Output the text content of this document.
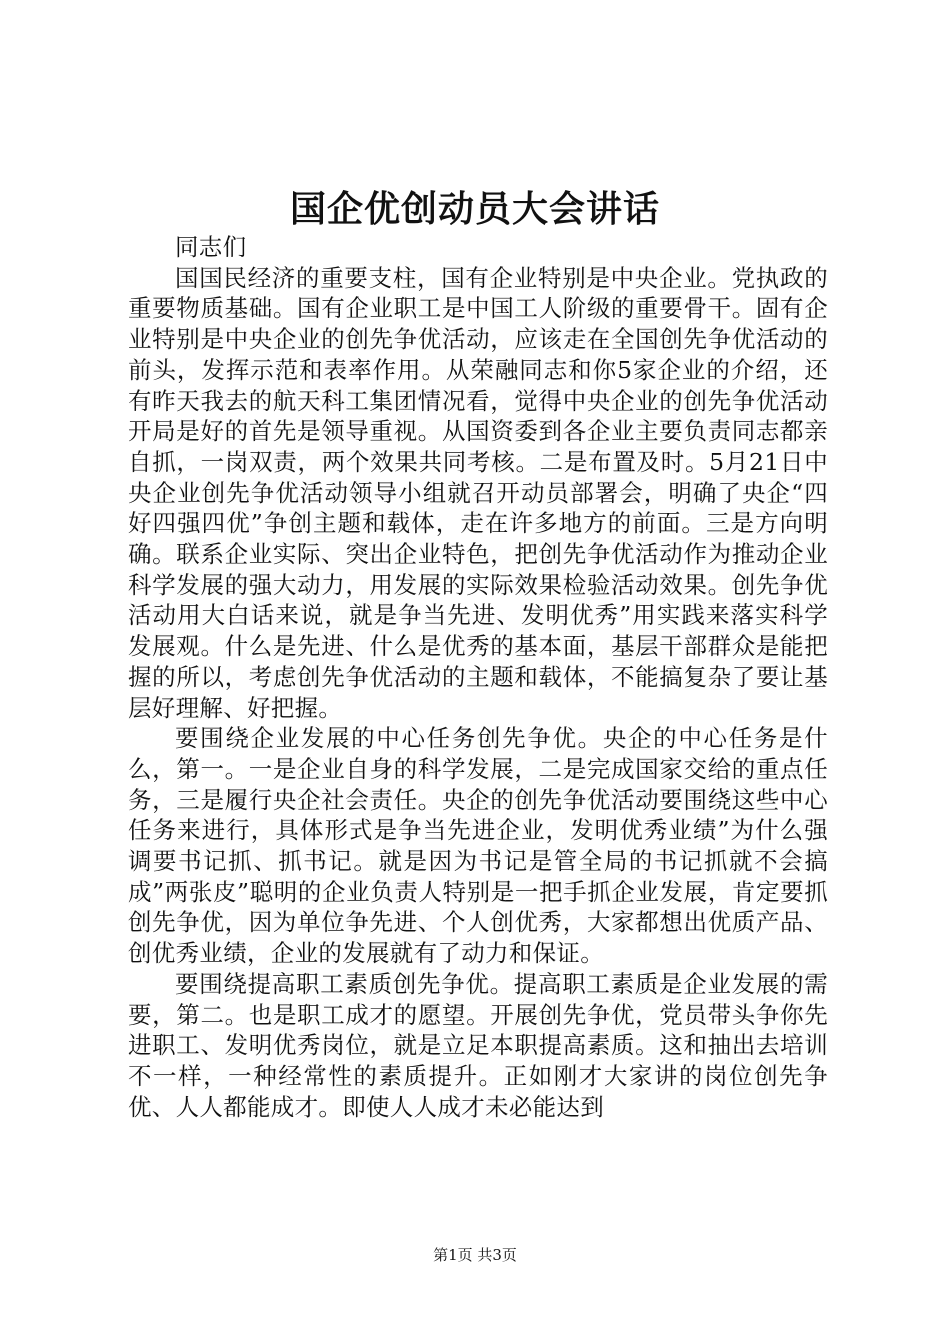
国企优创动员大会讲话

同志们

国国民经济的重要支柱，国有企业特别是中央企业。党执政的重要物质基础。国有企业职工是中国工人阶级的重要骨干。固有企业特别是中央企业的创先争优活动，应该走在全国创先争优活动的前头，发挥示范和表率作用。从荣融同志和你5家企业的介绍，还有昨天我去的航天科工集团情况看，觉得中央企业的创先争优活动开局是好的首先是领导重视。从国资委到各企业主要负责同志都亲自抓，一岗双责，两个效果共同考核。二是布置及时。5月21日中央企业创先争优活动领导小组就召开动员部署会，明确了央企“四好四强四优”争创主题和载体，走在许多地方的前面。三是方向明确。联系企业实际、突出企业特色，把创先争优活动作为推动企业科学发展的强大动力，用发展的实际效果检验活动效果。创先争优活动用大白话来说，就是争当先进、发明优秀”用实践来落实科学发展观。什么是先进、什么是优秀的基本面，基层干部群众是能把握的所以，考虑创先争优活动的主题和载体，不能搞复杂了要让基层好理解、好把握。

要围绕企业发展的中心任务创先争优。央企的中心任务是什么，第一。一是企业自身的科学发展，二是完成国家交给的重点任务，三是履行央企社会责任。央企的创先争优活动要围绕这些中心任务来进行，具体形式是争当先进企业，发明优秀业绩”为什么强调要书记抓、抓书记。就是因为书记是管全局的书记抓就不会搞成”两张皮”聪明的企业负责人特别是一把手抓企业发展，肯定要抓创先争优，因为单位争先进、个人创优秀，大家都想出优质产品、创优秀业绩，企业的发展就有了动力和保证。

要围绕提高职工素质创先争优。提高职工素质是企业发展的需要，第二。也是职工成才的愿望。开展创先争优，党员带头争你先进职工、发明优秀岗位，就是立足本职提高素质。这和抽出去培训不一样，一种经常性的素质提升。正如刚才大家讲的岗位创先争优、人人都能成才。即使人人成才未必能达到

第1页 共3页
